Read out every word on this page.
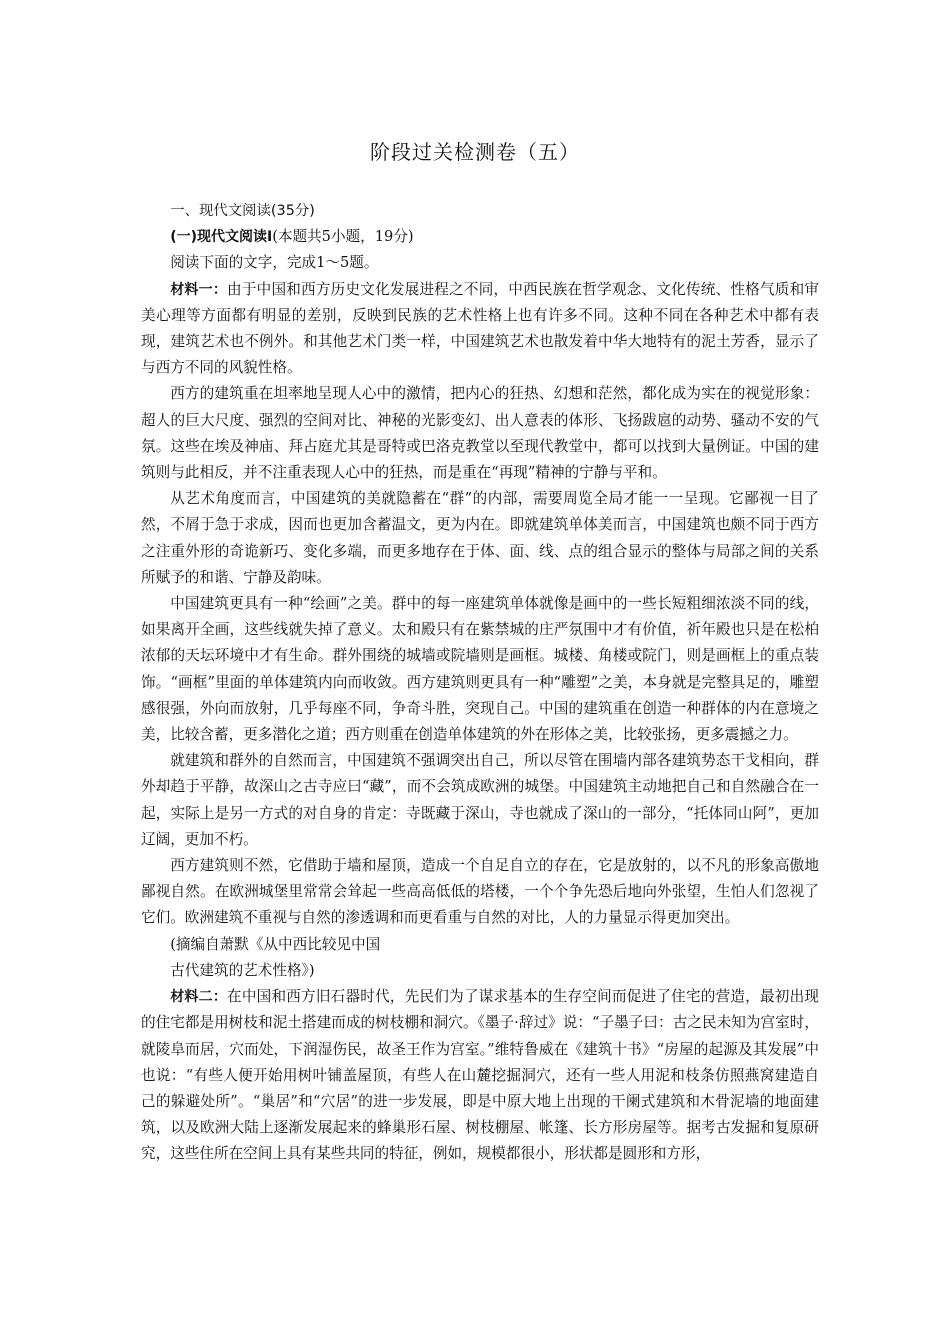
阶段过关检测卷（五）

一、现代文阅读(35分)

(一)现代文阅读Ⅰ(本题共5小题，19分)

阅读下面的文字，完成1～5题。

材料一：由于中国和西方历史文化发展进程之不同，中西民族在哲学观念、文化传统、性格气质和审美心理等方面都有明显的差别，反映到民族的艺术性格上也有许多不同。这种不同在各种艺术中都有表现，建筑艺术也不例外。和其他艺术门类一样，中国建筑艺术也散发着中华大地特有的泥土芳香，显示了与西方不同的风貌性格。

西方的建筑重在坦率地呈现人心中的激情，把内心的狂热、幻想和茫然，都化成为实在的视觉形象：超人的巨大尺度、强烈的空间对比、神秘的光影变幻、出人意表的体形、飞扬跋扈的动势、骚动不安的气氛。这些在埃及神庙、拜占庭尤其是哥特或巴洛克教堂以至现代教堂中，都可以找到大量例证。中国的建筑则与此相反，并不注重表现人心中的狂热，而是重在“再现”精神的宁静与平和。

从艺术角度而言，中国建筑的美就隐蓄在“群”的内部，需要周览全局才能一一呈现。它鄙视一目了然，不屑于急于求成，因而也更加含蓄温文，更为内在。即就建筑单体美而言，中国建筑也颇不同于西方之注重外形的奇诡新巧、变化多端，而更多地存在于体、面、线、点的组合显示的整体与局部之间的关系所赋予的和谐、宁静及韵味。

中国建筑更具有一种“绘画”之美。群中的每一座建筑单体就像是画中的一些长短粗细浓淡不同的线，如果离开全画，这些线就失掉了意义。太和殿只有在紫禁城的庄严氛围中才有价值，祈年殿也只是在松柏浓郁的天坛环境中才有生命。群外围绕的城墙或院墙则是画框。城楼、角楼或院门，则是画框上的重点装饰。“画框”里面的单体建筑内向而收敛。西方建筑则更具有一种“雕塑”之美，本身就是完整具足的，雕塑感很强，外向而放射，几乎每座不同，争奇斗胜，突现自己。中国的建筑重在创造一种群体的内在意境之美，比较含蓄，更多潜化之道；西方则重在创造单体建筑的外在形体之美，比较张扬，更多震撼之力。

就建筑和群外的自然而言，中国建筑不强调突出自己，所以尽管在围墙内部各建筑势态干戈相向，群外却趋于平静，故深山之古寺应曰“藏”，而不会筑成欧洲的城堡。中国建筑主动地把自己和自然融合在一起，实际上是另一方式的对自身的肯定：寺既藏于深山，寺也就成了深山的一部分，“托体同山阿”，更加辽阔，更加不朽。

西方建筑则不然，它借助于墙和屋顶，造成一个自足自立的存在，它是放射的，以不凡的形象高傲地鄙视自然。在欧洲城堡里常常会耸起一些高高低低的塔楼，一个个争先恐后地向外张望，生怕人们忽视了它们。欧洲建筑不重视与自然的渗透调和而更看重与自然的对比，人的力量显示得更加突出。

(摘编自萧默《从中西比较见中国

古代建筑的艺术性格》)

材料二：在中国和西方旧石器时代，先民们为了谋求基本的生存空间而促进了住宅的营造，最初出现的住宅都是用树枝和泥土搭建而成的树枝棚和洞穴。《墨子·辞过》说：“子墨子曰：古之民未知为宫室时，就陵阜而居，穴而处，下润湿伤民，故圣王作为宫室。”维特鲁威在《建筑十书》“房屋的起源及其发展”中也说：“有些人便开始用树叶铺盖屋顶，有些人在山麓挖掘洞穴，还有一些人用泥和枝条仿照燕窝建造自己的躲避处所”。“巢居”和“穴居”的进一步发展，即是中原大地上出现的干阑式建筑和木骨泥墙的地面建筑，以及欧洲大陆上逐渐发展起来的蜂巢形石屋、树枝棚屋、帐篷、长方形房屋等。据考古发掘和复原研究，这些住所在空间上具有某些共同的特征，例如，规模都很小，形状都是圆形和方形，
